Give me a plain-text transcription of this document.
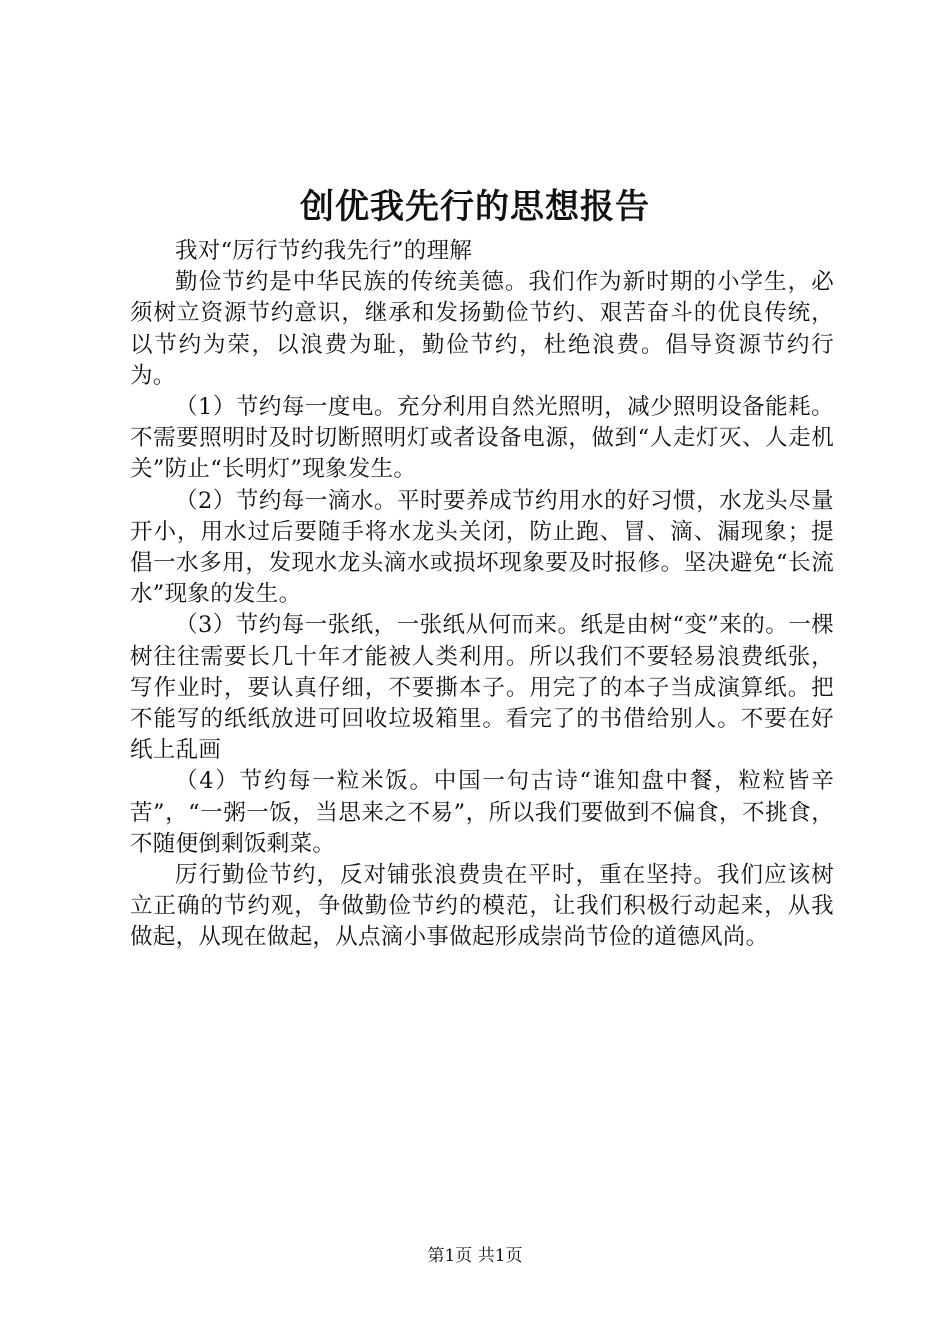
创优我先行的思想报告

我对“厉行节约我先行”的理解

勤俭节约是中华民族的传统美德。我们作为新时期的小学生，必须树立资源节约意识，继承和发扬勤俭节约、艰苦奋斗的优良传统，以节约为荣，以浪费为耻，勤俭节约，杜绝浪费。倡导资源节约行为。

（1）节约每一度电。充分利用自然光照明，减少照明设备能耗。不需要照明时及时切断照明灯或者设备电源，做到“人走灯灭、人走机关”防止“长明灯”现象发生。

（2）节约每一滴水。平时要养成节约用水的好习惯，水龙头尽量开小，用水过后要随手将水龙头关闭，防止跑、冒、滴、漏现象；提倡一水多用，发现水龙头滴水或损坏现象要及时报修。坚决避免“长流水”现象的发生。

（3）节约每一张纸，一张纸从何而来。纸是由树“变”来的。一棵树往往需要长几十年才能被人类利用。所以我们不要轻易浪费纸张，写作业时，要认真仔细，不要撕本子。用完了的本子当成演算纸。把不能写的纸纸放进可回收垃圾箱里。看完了的书借给别人。不要在好纸上乱画

（4）节约每一粒米饭。中国一句古诗“谁知盘中餐，粒粒皆辛苦”，“一粥一饭，当思来之不易”，所以我们要做到不偏食，不挑食，不随便倒剩饭剩菜。

厉行勤俭节约，反对铺张浪费贵在平时，重在坚持。我们应该树立正确的节约观，争做勤俭节约的模范，让我们积极行动起来，从我做起，从现在做起，从点滴小事做起形成崇尚节俭的道德风尚。

第1页 共1页
